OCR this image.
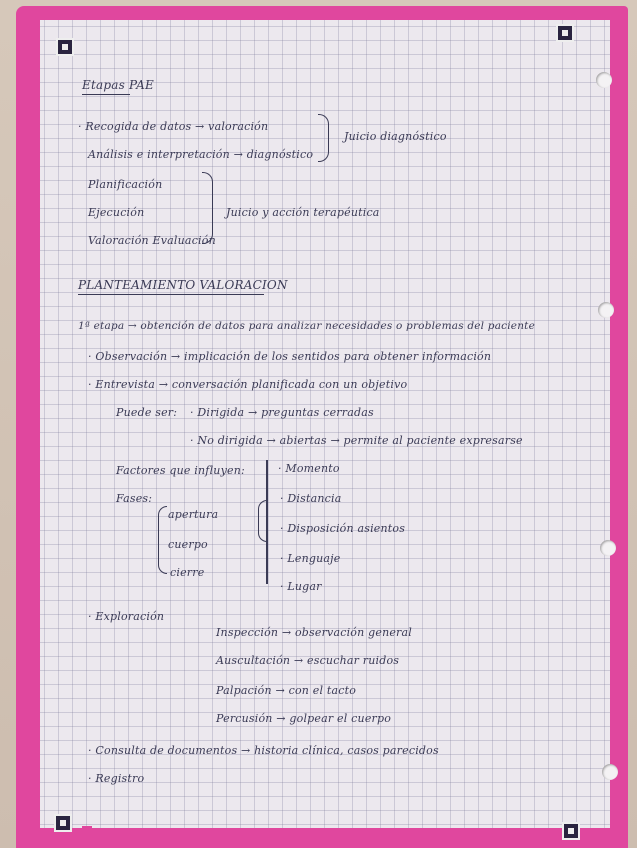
Etapas PAE
· Recogida de datos → valoración
Análisis e interpretación → diagnóstico
Juicio diagnóstico
Planificación
Ejecución
Valoración Evaluación
Juicio y acción terapéutica
PLANTEAMIENTO VALORACION
1ª etapa → obtención de datos para analizar necesidades o problemas del paciente
· Observación → implicación de los sentidos para obtener información
· Entrevista → conversación planificada con un objetivo
Puede ser: · Dirigida → preguntas cerradas
· No dirigida → abiertas → permite al paciente expresarse
Factores que influyen:
Fases:
apertura
cuerpo
cierre
· Momento
· Distancia
· Disposición asientos
· Lenguaje
· Lugar
· Exploración
Inspección → observación general
Auscultación → escuchar ruidos
Palpación → con el tacto
Percusión → golpear el cuerpo
· Consulta de documentos → historia clínica, casos parecidos
· Registro
